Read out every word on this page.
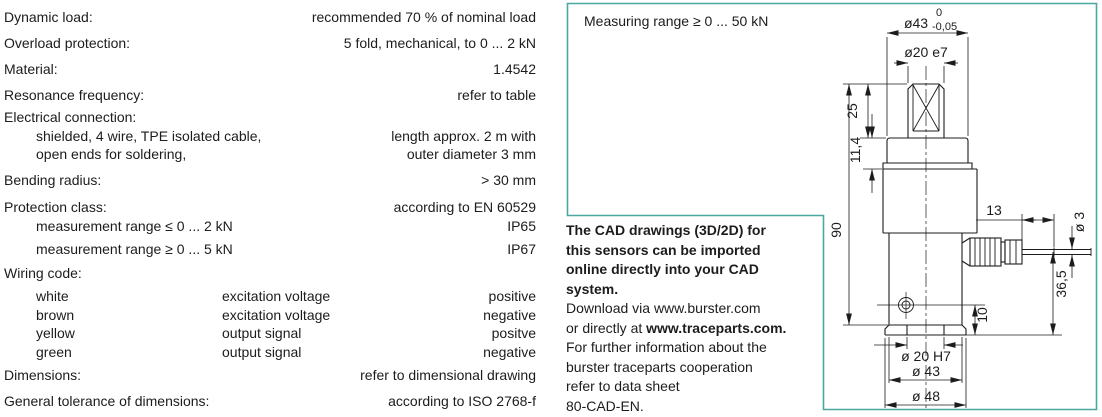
Dynamic load:	recommended 70 % of nominal load
Overload protection:	5 fold, mechanical, to 0 ... 2 kN
Material:	1.4542
Resonance frequency:	refer to table
Electrical connection:
shielded, 4 wire, TPE isolated cable,	length approx. 2 m with
open ends for soldering,	outer diameter 3 mm
Bending radius:	> 30 mm
Protection class:	according to EN 60529
measurement range ≤ 0 ... 2 kN	IP65
measurement range ≥ 0 ... 5 kN	IP67
Wiring code:
white	excitation voltage	positive
brown	excitation voltage	negative
yellow	output signal	positve
green	output signal	negative
Dimensions:	refer to dimensional drawing
General tolerance of dimensions:	according to ISO 2768-f
Measuring range ≥ 0 ... 50 kN
The CAD drawings (3D/2D) for
this sensors can be imported
online directly into your CAD
system.
Download via www.burster.com
or directly at www.traceparts.com.
For further information about the
burster traceparts cooperation
refer to data sheet
80-CAD-EN.
ø43
0
-0,05
ø20 e7
25
11,4
90
13
ø 3
36,5
10
ø 20 H7
ø 43
ø 48
